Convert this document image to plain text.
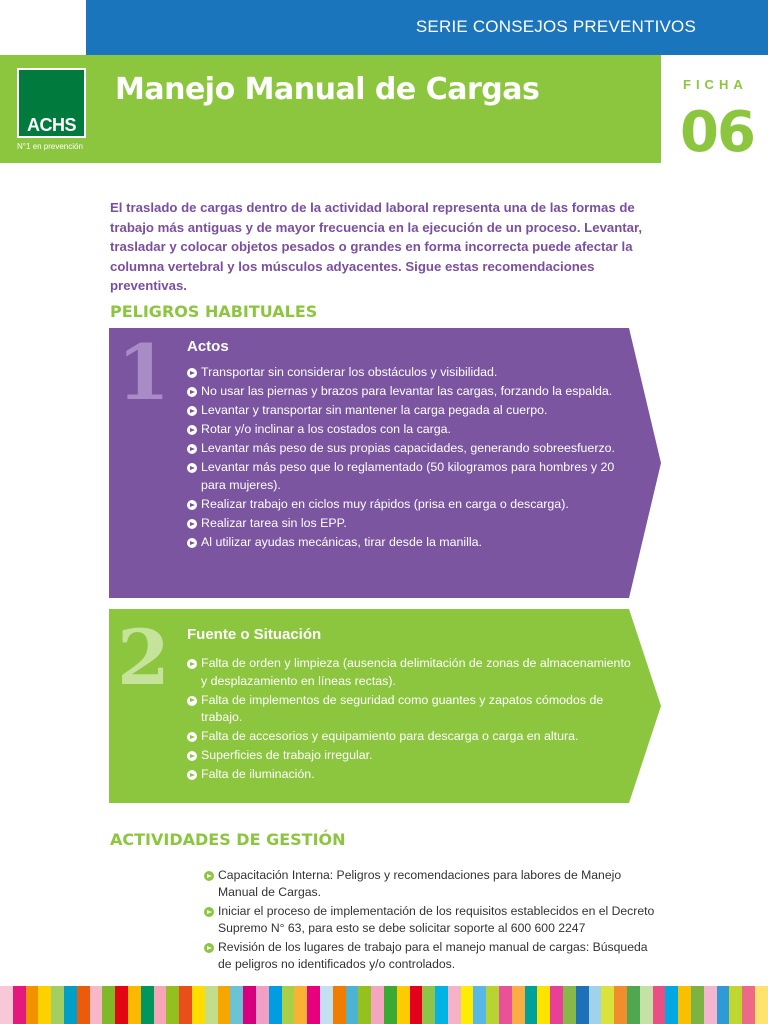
SERIE CONSEJOS PREVENTIVOS
ACHS
N°1 en prevención
Manejo Manual de Cargas	FICHA
06

El traslado de cargas dentro de la actividad laboral representa una de las formas de trabajo más antiguas y de mayor frecuencia en la ejecución de un proceso. Levantar, trasladar y colocar objetos pesados o grandes en forma incorrecta puede afectar la columna vertebral y los músculos adyacentes. Sigue estas recomendaciones preventivas.

PELIGROS HABITUALES
1 Actos
Transportar sin considerar los obstáculos y visibilidad.
No usar las piernas y brazos para levantar las cargas, forzando la espalda.
Levantar y transportar sin mantener la carga pegada al cuerpo.
Rotar y/o inclinar a los costados con la carga.
Levantar más peso de sus propias capacidades, generando sobreesfuerzo.
Levantar más peso que lo reglamentado (50 kilogramos para hombres y 20 para mujeres).
Realizar trabajo en ciclos muy rápidos (prisa en carga o descarga).
Realizar tarea sin los EPP.
Al utilizar ayudas mecánicas, tirar desde la manilla.
2 Fuente o Situación
Falta de orden y limpieza (ausencia delimitación de zonas de almacenamiento y desplazamiento en líneas rectas).
Falta de implementos de seguridad como guantes y zapatos cómodos de trabajo.
Falta de accesorios y equipamiento para descarga o carga en altura.
Superficies de trabajo irregular.
Falta de iluminación.
ACTIVIDADES DE GESTIÓN
Capacitación Interna: Peligros y recomendaciones para labores de Manejo Manual de Cargas.
Iniciar el proceso de implementación de los requisitos establecidos en el Decreto Supremo N° 63, para esto se debe solicitar soporte al 600 600 2247
Revisión de los lugares de trabajo para el manejo manual de cargas: Búsqueda de peligros no identificados y/o controlados.
